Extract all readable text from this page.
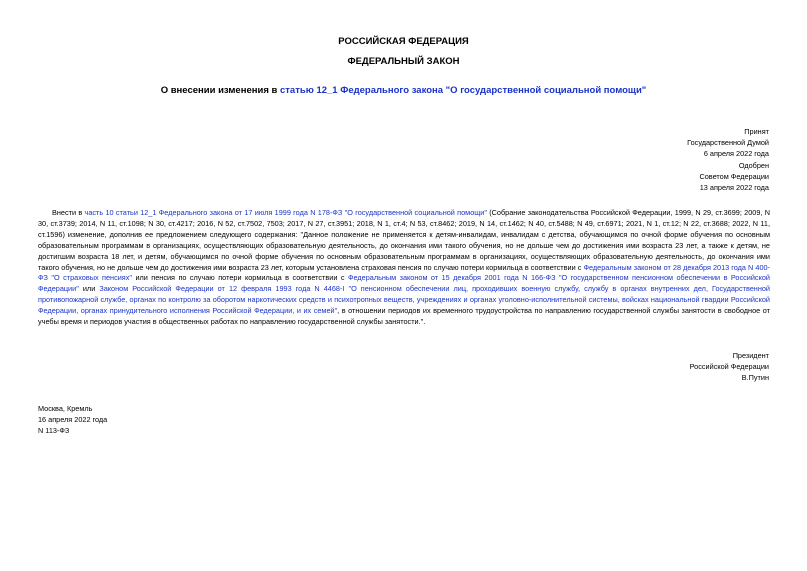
РОССИЙСКАЯ ФЕДЕРАЦИЯ
ФЕДЕРАЛЬНЫЙ ЗАКОН
О внесении изменения в статью 12_1 Федерального закона "О государственной социальной помощи"
Принят
Государственной Думой
6 апреля 2022 года
Одобрен
Советом Федерации
13 апреля 2022 года

Внести в часть 10 статьи 12_1 Федерального закона от 17 июля 1999 года N 178-ФЗ "О государственной социальной помощи" (Собрание законодательства Российской Федерации, 1999, N 29, ст.3699; 2009, N 30, ст.3739; 2014, N 11, ст.1098; N 30, ст.4217; 2016, N 52, ст.7502, 7503; 2017, N 27, ст.3951; 2018, N 1, ст.4; N 53, ст.8462; 2019, N 14, ст.1462; N 40, ст.5488; N 49, ст.6971; 2021, N 1, ст.12; N 22, ст.3688; 2022, N 11, ст.1596) изменение, дополнив ее предложением следующего содержания: "Данное положение не применяется к детям-инвалидам, инвалидам с детства, обучающимся по очной форме обучения по основным образовательным программам в организациях, осуществляющих образовательную деятельность, до окончания ими такого обучения, но не дольше чем до достижения ими возраста 23 лет, а также к детям, не достигшим возраста 18 лет, и детям, обучающимся по очной форме обучения по основным образовательным программам в организациях, осуществляющих образовательную деятельность, до окончания ими такого обучения, но не дольше чем до достижения ими возраста 23 лет, которым установлена страховая пенсия по случаю потери кормильца в соответствии с Федеральным законом от 28 декабря 2013 года N 400-ФЗ "О страховых пенсиях" или пенсия по случаю потери кормильца в соответствии с Федеральным законом от 15 декабря 2001 года N 166-ФЗ "О государственном пенсионном обеспечении в Российской Федерации" или Законом Российской Федерации от 12 февраля 1993 года N 4468-I "О пенсионном обеспечении лиц, проходивших военную службу, службу в органах внутренних дел, Государственной противопожарной службе, органах по контролю за оборотом наркотических средств и психотропных веществ, учреждениях и органах уголовно-исполнительной системы, войсках национальной гвардии Российской Федерации, органах принудительного исполнения Российской Федерации, и их семей", в отношении периодов их временного трудоустройства по направлению государственной службы занятости в свободное от учебы время и периодов участия в общественных работах по направлению государственной службы занятости.".

Президент
Российской Федерации
В.Путин
Москва, Кремль
16 апреля 2022 года
N 113-ФЗ
